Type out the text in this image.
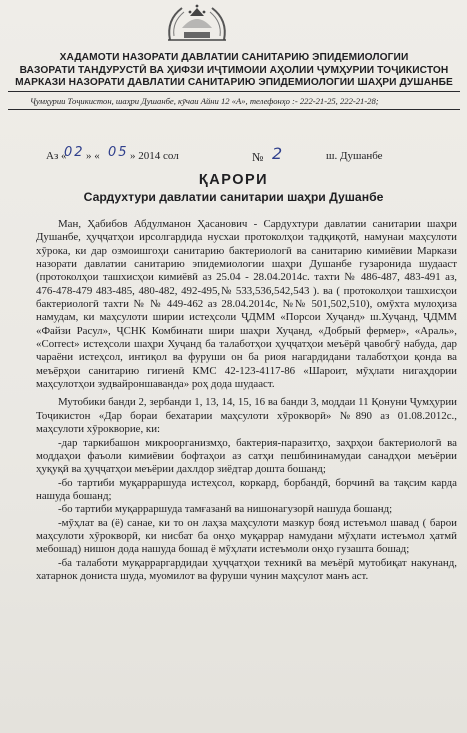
ХАДАМОТИ НАЗОРАТИ ДАВЛАТИИ САНИТАРИЮ ЭПИДЕМИОЛОГИИ
ВАЗОРАТИ ТАНДУРУСТӢ ВА ҲИФЗИ ИҶТИМОИИ АҲОЛИИ ҶУМҲУРИИ ТОҶИКИСТОН
МАРКАЗИ НАЗОРАТИ ДАВЛАТИИ САНИТАРИЮ ЭПИДЕМИОЛОГИИ ШАҲРИ ДУШАНБЕ
Ҷумҳурии Тоҷикистон, шаҳри Душанбе, кӯчаи Айни 12 «А», телефонҳо :- 222-21-25, 222-21-28;
Аз «
02 » « 05 » 2014 сол	№ 2	ш. Душанбе
ҚАРОРИ
Сардухтури давлатии санитарии шаҳри Душанбе

Ман, Ҳабибов Абдулманон Ҳасанович - Сардухтури давлатии санитарии шаҳри Душанбе, ҳуҷҷатҳои ирсолгардида нусхаи протоколҳои тадқиқотӣ, намунаи маҳсулоти хӯрока, ки дар озмоишгоҳи санитарию бактериологӣ ва санитарию кимиёвии Маркази назорати давлатии санитарию эпидемиологии шаҳри Душанбе гузаронида шудааст (протоколҳои ташхисҳои кимиёвӣ аз 25.04 - 28.04.2014с. тахти № 486-487, 483-491 аз, 476-478-479 483-485, 480-482, 492-495,№ 533,536,542,543 ). ва ( протоколҳои ташхисҳои бактериологӣ тахти № № 449-462 аз 28.04.2014с, №№ 501,502,510), омӯхта мулоҳиза намудам, ки маҳсулоти ширии истеҳсоли ҶДММ «Порсои Хуҷанд» ш.Хуҷанд, ҶДММ «Файзи Расул», ҶСНК Комбинати шири шаҳри Хуҷанд, «Добрый фермер», «Араль», «Correct» истеҳсоли шаҳри Хуҷанд ба талаботҳои ҳуҷҷатҳои меъёрӣ ҷавобгӯ набуда, дар чараёни истеҳсол, интиқол ва фуруши он ба риоя нагардидани талаботҳои қонда ва меъёрҳои санитарию гигиенӣ КМС 42-123-4117-86 «Шароит, мӯҳлати нигаҳдории маҳсулотҳои зудвайроншаванда» роҳ дода шудааст.

Мутобики банди 2, зербанди 1, 13, 14, 15, 16 ва банди 3, моддаи 11 Қонуни Ҷумҳурии Тоҷикистон «Дар бораи бехатарии маҳсулоти хӯрокворӣ» №890 аз 01.08.2012с., маҳсулоти хӯроквориe, ки:

-дар таркибашон микроорганизмҳо, бактерия-паразитҳо, заҳрҳои бактериологӣ ва моддаҳои фаъоли кимиёвии бофтаҳои аз сатҳи пешбининамудаи санадҳои меъёрии ҳуқуқӣ ва ҳуҷҷатҳои меъёрии дахлдор зиёдтар дошта бошанд;

-бо тартиби муқарраршуда истеҳсол, коркард, борбандӣ, борчинӣ ва тақсим карда нашуда бошанд;

-бо тартиби муқарраршуда тамғазанӣ ва нишонагузорӣ нашуда бошанд;

-мӯҳлат ва (ё) санае, ки то он лаҳза маҳсулоти мазкур бояд истеъмол шавад ( барои маҳсулоти хӯрокворӣ, ки нисбат ба онҳо муқаррар намудани мӯҳлати истеъмол ҳатмӣ мебошад) нишон дода нашуда бошад ё мӯҳлати истеъмоли онҳо гузашта бошад;

-ба талаботи муқарраргардидаи ҳуҷҷатҳои техникӣ ва меъёрӣ мутобиқат накунанд, хатарнок дониста шуда, муомилот ва фуруши чунин маҳсулот манъ аст.
